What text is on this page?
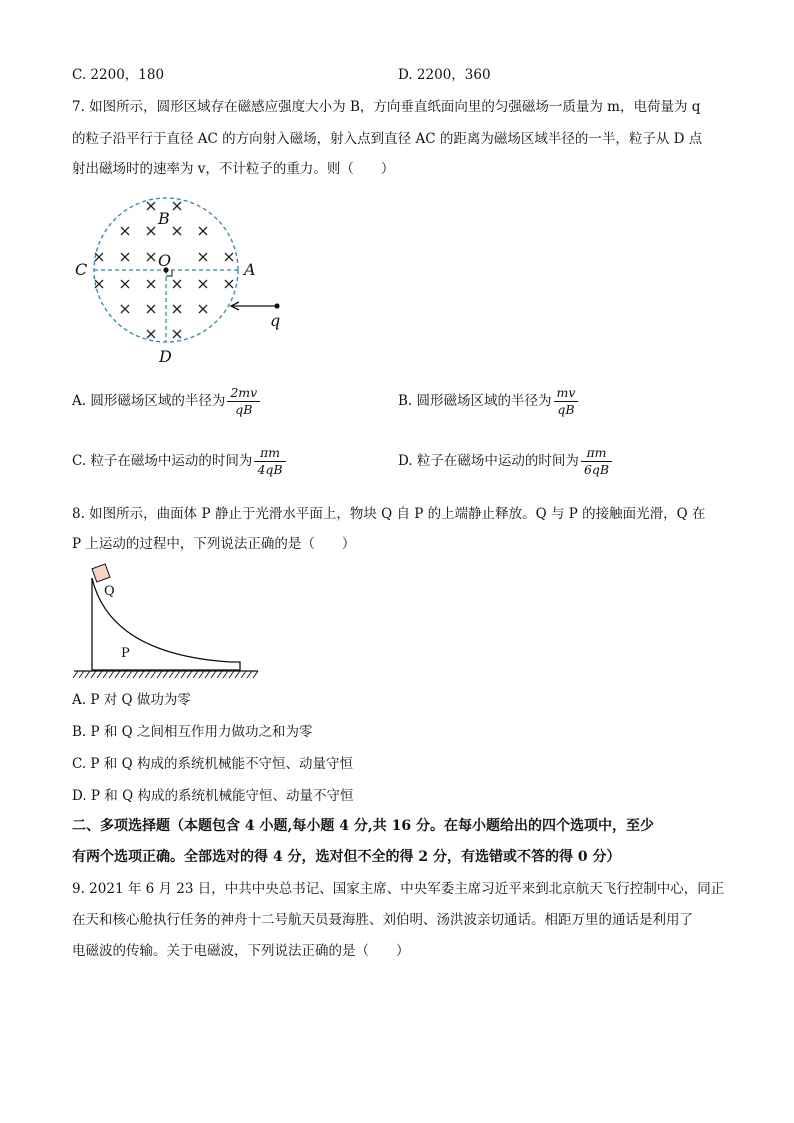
C. 2200，180	D. 2200，360
7. 如图所示，圆形区域存在磁感应强度大小为 B，方向垂直纸面向里的匀强磁场一质量为 m，电荷量为 q
的粒子沿平行于直径 AC 的方向射入磁场，射入点到直径 AC 的距离为磁场区域半径的一半，粒子从 D 点
射出磁场时的速率为 v，不计粒子的重力。则（　　）
B
O
C	A
D
q
A. 圆形磁场区域的半径为 $\frac{2mv}{qB}$	B. 圆形磁场区域的半径为 $\frac{mv}{qB}$
C. 粒子在磁场中运动的时间为 $\frac{\pi m}{4qB}$	D. 粒子在磁场中运动的时间为 $\frac{\pi m}{6qB}$
8. 如图所示，曲面体 P 静止于光滑水平面上，物块 Q 自 P 的上端静止释放。Q 与 P 的接触面光滑，Q 在
P 上运动的过程中，下列说法正确的是（　　）
Q
P
A. P 对 Q 做功为零
B. P 和 Q 之间相互作用力做功之和为零
C. P 和 Q 构成的系统机械能不守恒、动量守恒
D. P 和 Q 构成的系统机械能守恒、动量不守恒
二、多项选择题（本题包含 4 小题,每小题 4 分,共 16 分。在每小题给出的四个选项中，至少
有两个选项正确。全部选对的得 4 分，选对但不全的得 2 分，有选错或不答的得 0 分）
9. 2021 年 6 月 23 日，中共中央总书记、国家主席、中央军委主席习近平来到北京航天飞行控制中心，同正
在天和核心舱执行任务的神舟十二号航天员聂海胜、刘伯明、汤洪波亲切通话。相距万里的通话是利用了
电磁波的传输。关于电磁波，下列说法正确的是（　　）
